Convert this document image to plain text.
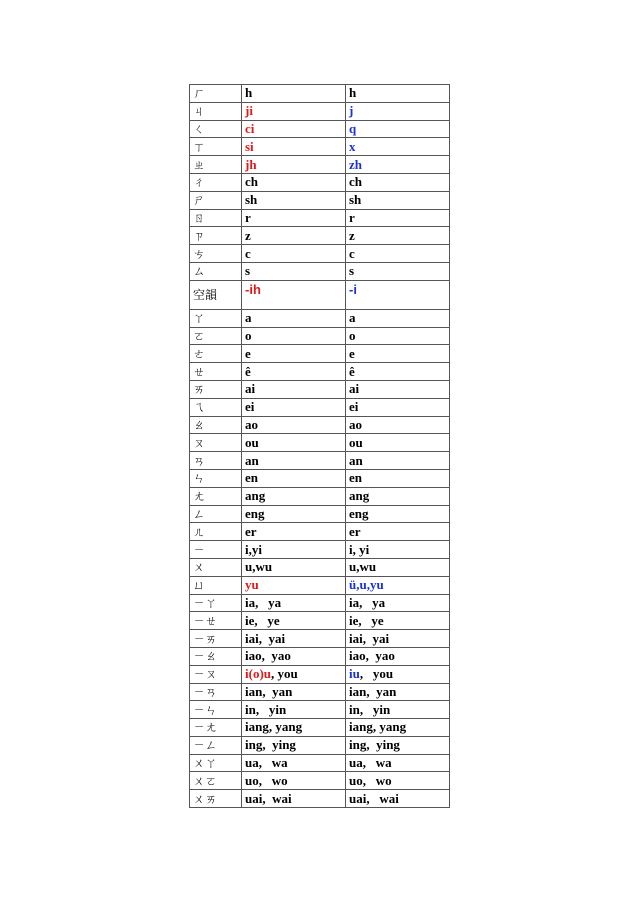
ㄏ	h	h
ㄐ	ji	j
ㄑ	ci	q
ㄒ	si	x
ㄓ	jh	zh
ㄔ	ch	ch
ㄕ	sh	sh
ㄖ	r	r
ㄗ	z	z
ㄘ	c	c
ㄙ	s	s
空韻	-ih	-i
ㄚ	a	a
ㄛ	o	o
ㄜ	e	e
ㄝ	ê	ê
ㄞ	ai	ai
ㄟ	ei	ei
ㄠ	ao	ao
ㄡ	ou	ou
ㄢ	an	an
ㄣ	en	en
ㄤ	ang	ang
ㄥ	eng	eng
ㄦ	er	er
ㄧ	i,yi	i, yi
ㄨ	u,wu	u,wu
ㄩ	yu	ü,u,yu
ㄧㄚ	ia,   ya	ia,   ya
ㄧㄝ	ie,   ye	ie,   ye
ㄧㄞ	iai,  yai	iai,  yai
ㄧㄠ	iao,  yao	iao,  yao
ㄧㄡ	i(o)u, you	iu,   you
ㄧㄢ	ian,  yan	ian,  yan
ㄧㄣ	in,   yin	in,   yin
ㄧㄤ	iang, yang	iang, yang
ㄧㄥ	ing,  ying	ing,  ying
ㄨㄚ	ua,   wa	ua,   wa
ㄨㄛ	uo,   wo	uo,   wo
ㄨㄞ	uai,  wai	uai,   wai
